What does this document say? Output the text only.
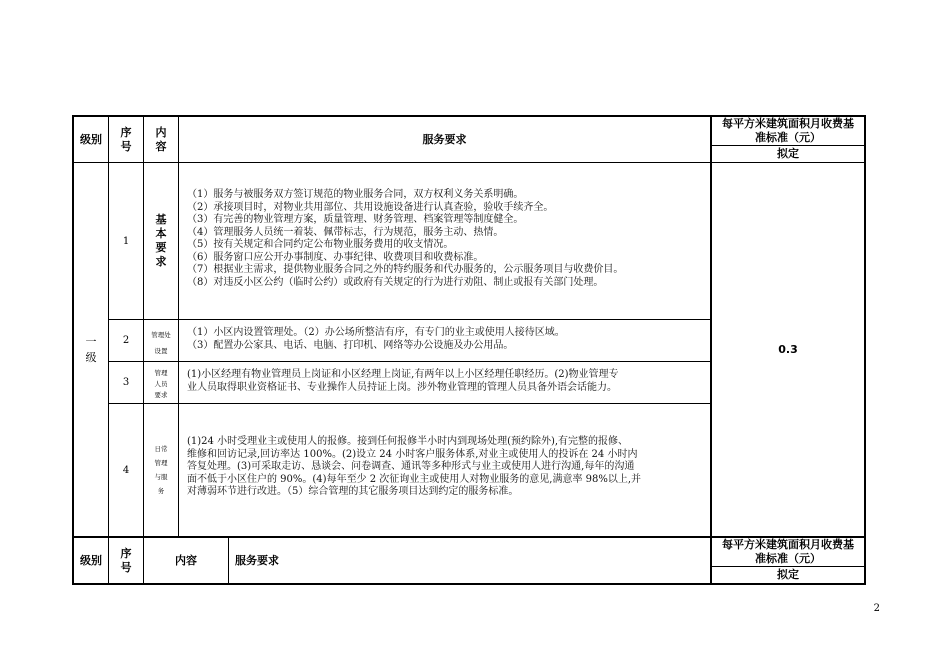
级别
序号
内容
服务要求
每平方米建筑面积月收费基准标准（元）
拟定
一级
0.3
1
基本要求
（1）服务与被服务双方签订规范的物业服务合同，双方权利义务关系明确。
（2）承接项目时，对物业共用部位、共用设施设备进行认真查验，验收手续齐全。
（3）有完善的物业管理方案，质量管理、财务管理、档案管理等制度健全。
（4）管理服务人员统一着装、佩带标志，行为规范，服务主动、热情。
（5）按有关规定和合同约定公布物业服务费用的收支情况。
（6）服务窗口应公开办事制度、办事纪律、收费项目和收费标准。
（7）根据业主需求，提供物业服务合同之外的特约服务和代办服务的，公示服务项目与收费价目。
（8）对违反小区公约（临时公约）或政府有关规定的行为进行劝阻、制止或报有关部门处理。
2	管理处
设置
（1）小区内设置管理处。（2）办公场所整洁有序，有专门的业主或使用人接待区域。
（3）配置办公家具、电话、电脑、打印机、网络等办公设施及办公用品。
3
管理
人员
要求
(1)小区经理有物业管理员上岗证和小区经理上岗证,有两年以上小区经理任职经历。(2)物业管理专
业人员取得职业资格证书、专业操作人员持证上岗。涉外物业管理的管理人员具备外语会话能力。
4
日常
管理
与服
务
(1)24 小时受理业主或使用人的报修。接到任何报修半小时内到现场处理(预约除外),有完整的报修、
维修和回访记录,回访率达 100%。(2)设立 24 小时客户服务体系,对业主或使用人的投诉在 24 小时内
答复处理。(3)可采取走访、恳谈会、问卷调查、通讯等多种形式与业主或使用人进行沟通,每年的沟通
面不低于小区住户的 90%。(4)每年至少 2 次征询业主或使用人对物业服务的意见,满意率 98%以上,并
对薄弱环节进行改进。（5）综合管理的其它服务项目达到约定的服务标准。
级别
序号
内容	服务要求
每平方米建筑面积月收费基准标准（元）
拟定
2
